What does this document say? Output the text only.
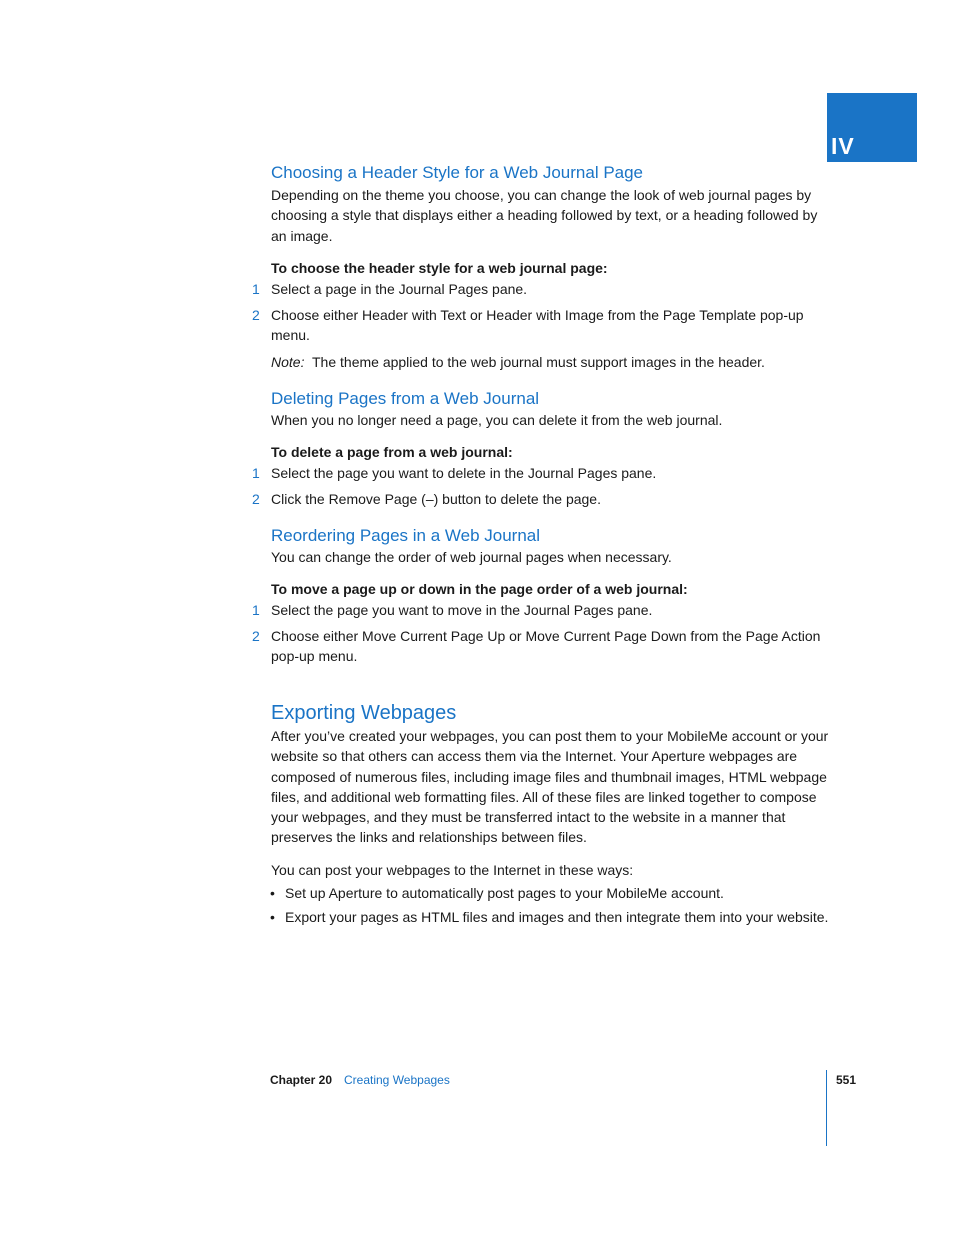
IV
Choosing a Header Style for a Web Journal Page
Depending on the theme you choose, you can change the look of web journal pages by choosing a style that displays either a heading followed by text, or a heading followed by an image.
To choose the header style for a web journal page:
1 Select a page in the Journal Pages pane.
2 Choose either Header with Text or Header with Image from the Page Template pop-up menu.
Note: The theme applied to the web journal must support images in the header.
Deleting Pages from a Web Journal
When you no longer need a page, you can delete it from the web journal.
To delete a page from a web journal:
1 Select the page you want to delete in the Journal Pages pane.
2 Click the Remove Page (–) button to delete the page.
Reordering Pages in a Web Journal
You can change the order of web journal pages when necessary.
To move a page up or down in the page order of a web journal:
1 Select the page you want to move in the Journal Pages pane.
2 Choose either Move Current Page Up or Move Current Page Down from the Page Action pop-up menu.
Exporting Webpages
After you’ve created your webpages, you can post them to your MobileMe account or your website so that others can access them via the Internet. Your Aperture webpages are composed of numerous files, including image files and thumbnail images, HTML webpage files, and additional web formatting files. All of these files are linked together to compose your webpages, and they must be transferred intact to the website in a manner that preserves the links and relationships between files.
You can post your webpages to the Internet in these ways:
• Set up Aperture to automatically post pages to your MobileMe account.
• Export your pages as HTML files and images and then integrate them into your website.
Chapter 20 Creating Webpages	551
